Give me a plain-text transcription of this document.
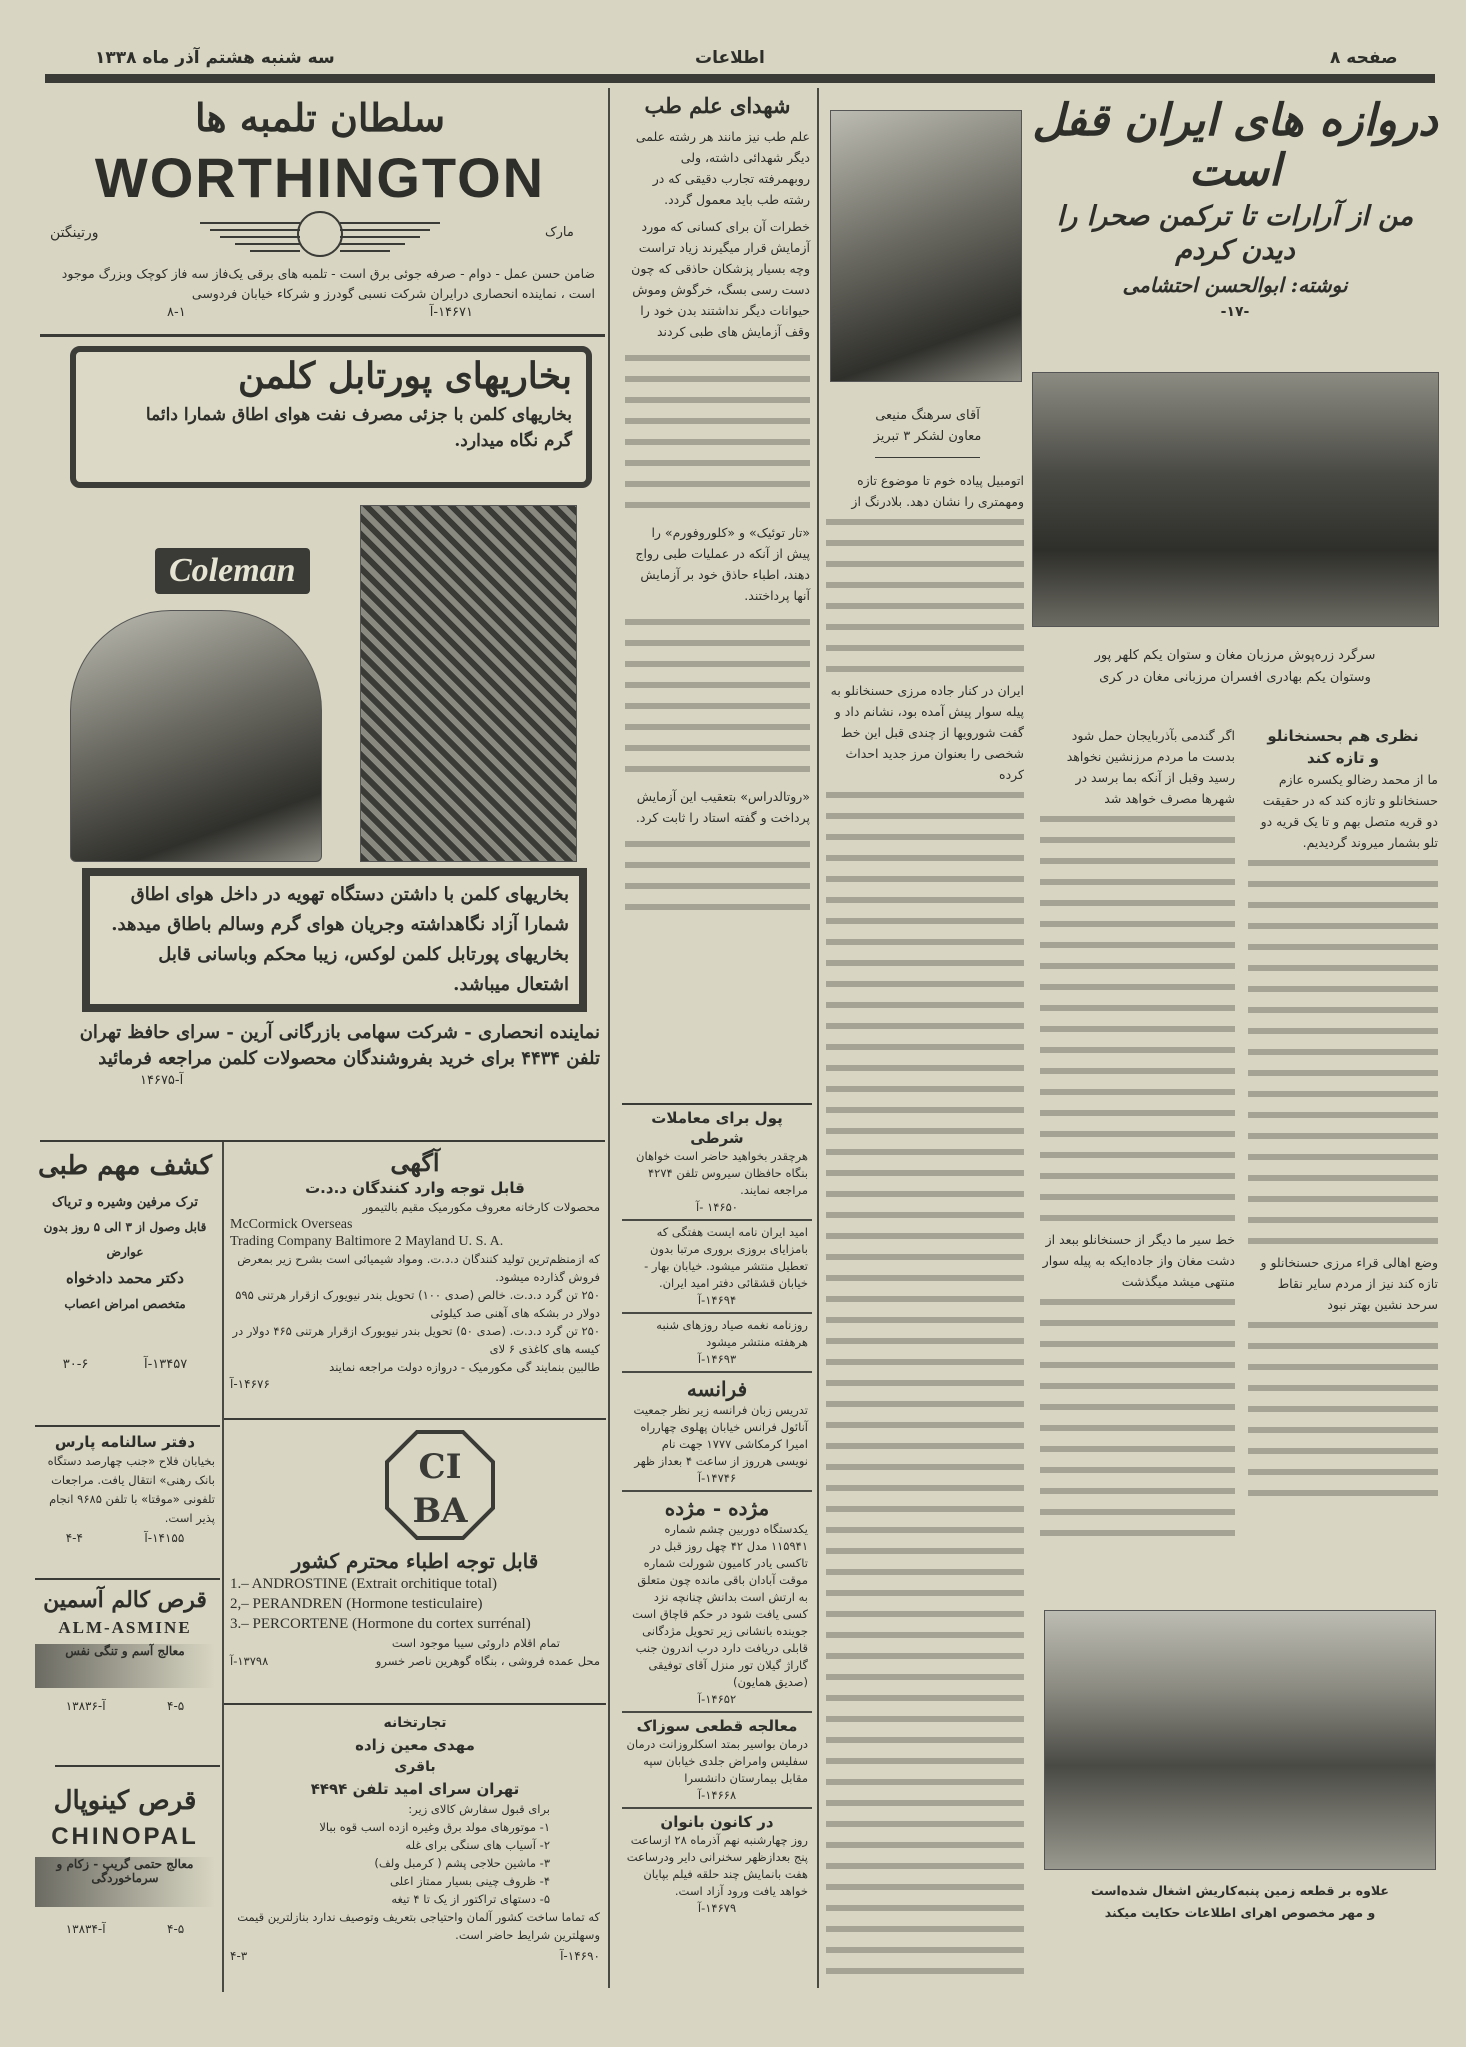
صفحه ۸
اطلاعات
سه شنبه هشتم آذر ماه ۱۳۳۸
سلطان تلمبه ها
WORTHINGTON
ورتینگتن	مارک
ضامن حسن عمل - دوام - صرفه جوئی برق است - تلمبه های برقی یک‌فاز سه فاز کوچک وبزرگ موجود است ، نماینده انحصاری درایران شرکت نسبی گودرز و شرکاء خیابان فردوسی
۱۴۶۷۱-آ
۸-۱
بخاریهای پورتابل کلمن
بخاریهای کلمن با جزئی مصرف نفت هوای اطاق شمارا دائما گرم نگاه میدارد.
Coleman
بخاریهای کلمن با داشتن دستگاه تهویه در داخل هوای اطاق شمارا آزاد نگاهداشته وجریان هوای گرم وسالم باطاق میدهد. بخاریهای پورتابل کلمن لوکس، زیبا محکم وباسانی قابل اشتعال میباشد.
نماینده انحصاری - شرکت سهامی بازرگانی آرین - سرای حافظ تهران
تلفن ۴۴۳۴ برای خرید بفروشندگان محصولات کلمن مراجعه فرمائید
۱۴۶۷۵-آ
کشف مهم طبی
ترک مرفین وشیره و تریاک
قابل وصول از ۳ الی ۵ روز بدون عوارض
دکتر محمد دادخواه
متخصص امراض اعصاب
۱۳۴۵۷-آ
۳۰-۶
دفتر سالنامه پارس
بخیابان فلاح «جنب چهارصد دستگاه بانک رهنی» انتقال یافت. مراجعات تلفونی «موقتا» با تلفن ۹۶۸۵ انجام پذیر است.
۱۴۱۵۵-آ
۴-۴
قرص کالم آسمین
ALM-ASMINE
معالج آسم و تنگی نفس
۱۳۸۳۶-آ	۴-۵
قرص کینوپال
CHINOPAL
معالج حتمی گریپ - زکام و سرماخوردگی
۱۳۸۳۴-آ	۴-۵
آگهی
قابل توجه وارد کنندگان د.د.ت
محصولات کارخانه معروف مکورمیک مقیم بالتیمور
McCormick Overseas
Trading Company Baltimore 2 Mayland U. S. A.
که ازمنظم‌ترین تولید کنندگان د.د.ت. ومواد شیمیائی است بشرح زیر بمعرض فروش گذارده میشود.
۲۵۰ تن گرد د.د.ت. خالص (صدی ۱۰۰) تحویل بندر نیویورک ازقرار هرتنی ۵۹۵ دولار در بشکه های آهنی صد کیلوئی
۲۵۰ تن گرد د.د.ت. (صدی ۵۰) تحویل بندر نیویورک ازقرار هرتنی ۴۶۵ دولار در کیسه های کاغذی ۶ لای
طالبین بنمایند گی مکورمیک - دروازه دولت مراجعه نمایند
۱۴۶۷۶-آ
CI
BA
قابل توجه اطباء محترم کشور
1.– ANDROSTINE (Extrait orchitique total)
2,– PERANDREN (Hormone testiculaire)
3.– PERCORTENE (Hormone du cortex surrénal)
تمام اقلام داروئی سیبا موجود است
محل عمده فروشی ، بنگاه گوهرین ناصر خسرو
۱۳۷۹۸-آ
تجارتخانه
مهدی معین زاده
باقری
تهران سرای امید تلفن ۴۴۹۴
برای قبول سفارش کالای زیر:
۱- موتورهای مولد برق وغیره ازده اسب قوه ببالا
۲- آسیاب های سنگی برای غله
۳- ماشین حلاجی پشم ( کرمبل ولف)
۴- ظروف چینی بسیار ممتاز اعلی
۵- دستهای تراکتور از یک تا ۴ تیغه
که تماما ساخت کشور آلمان واحتیاجی بتعریف وتوصیف ندارد بنازلترین قیمت وسهلترین شرایط حاضر است.
۱۴۶۹۰-آ
۴-۳
شهدای علم طب

علم طب نیز مانند هر رشته علمی دیگر شهدائی داشته، ولی روبهمرفته تجارب دقیقی که در رشته طب باید معمول گردد.

خطرات آن برای کسانی که مورد آزمایش قرار میگیرند زیاد تراست وچه بسیار پزشکان حاذقی که چون دست رسی بسگ، خرگوش وموش حیوانات دیگر نداشتند بدن خود را وقف آزمایش های طبی کردند

«تار توئیک» و «کلوروفورم» را پیش از آنکه در عملیات طبی رواج دهند، اطباء حاذق خود بر آزمایش آنها پرداختند.

«روتالدراس» بتعقیب این آزمایش پرداخت و گفته استاد را ثابت کرد.

پول برای معاملات شرطی
هرچقدر بخواهید حاضر است خواهان بنگاه حافظان سیروس تلفن ۴۲۷۴ مراجعه نمایند.
۱۴۶۵۰ -آ
امید ایران نامه ایست هفتگی که بامزایای بروزی بروری مرتبا بدون تعطیل منتشر میشود. خیابان بهار - خیابان قشقائی دفتر امید ایران.
۱۴۶۹۴-آ
روزنامه نغمه صیاد روزهای شنبه هرهفته منتشر میشود
۱۴۶۹۳-آ
فرانسه
تدریس زبان فرانسه زیر نظر جمعیت آنائول فرانس خیابان پهلوی چهارراه امیرا کرمکاشی ۱۷۷۷ جهت نام نویسی هرروز از ساعت ۴ بعداز ظهر
۱۴۷۴۶-آ
مژده - مژده
یکدستگاه دوربین چشم شماره ۱۱۵۹۴۱ مدل ۴۲ چهل روز قبل در تاکسی یادر کامیون شورلت شماره موقت آبادان باقی مانده چون متعلق به ارتش است بدانش چنانچه نزد کسی یافت شود در حکم قاچاق است جوینده بانشانی زیر تحویل مژدگانی قابلی دریافت دارد درب اندرون جنب گاراژ گیلان تور منزل آقای توفیقی (صدیق همایون)
۱۴۶۵۲-آ
معالجه قطعی سوزاک
درمان بواسیر بمتد اسکلروزانت درمان سفلیس وامراض جلدی خیابان سپه مقابل بیمارستان دانشسرا
۱۴۶۶۸-آ
در کانون بانوان
روز چهارشنبه نهم آذرماه ۲۸ ازساعت پنج بعدازظهر سخنرانی دایر ودرساعت هفت بانمایش چند حلقه فیلم بپایان خواهد یافت ورود آزاد است.
۱۴۶۷۹-آ
آقای سرهنگ منیعی
معاون لشکر ۳ تبریز
دروازه های ایران قفل است
من از آرارات تا ترکمن صحرا را دیدن کردم
نوشته: ابوالحسن احتشامی
-۱۷-
سرگرد زره‌پوش مرزبان مغان و ستوان یکم کلهر پور
وستوان یکم بهادری افسران مرزبانی مغان در کری

اتومبیل پیاده خوم تا موضوع تازه ومهمتری را نشان دهد. بلادرنگ از

ایران در کنار جاده مرزی حسنخانلو به پیله سوار پیش آمده بود، نشانم داد و گفت شورویها از چندی قبل این خط شخصی را بعنوان مرز جدید احداث کرده

اگر گندمی بآذربایجان حمل شود بدست ما مردم مرزنشین نخواهد رسید وقبل از آنکه بما برسد در شهرها مصرف خواهد شد

خط سیر ما دیگر از حسنخانلو ببعد از دشت مغان واز جاده‌ایکه به پیله سوار منتهی میشد میگذشت

نظری هم بحسنخانلو
و تازه کند

ما از محمد رضالو یکسره عازم حسنخانلو و تازه کند که در حقیقت دو قریه متصل بهم و تا یک قریه دو تلو بشمار میروند گردیدیم.

وضع اهالی قراء مرزی حسنخانلو و تازه کند نیز از مردم سایر نقاط سرحد نشین بهتر نبود

علاوه بر قطعه زمین پنبه‌کاریش اشغال شده‌است
و مهر مخصوص اهرای اطلاعات حکایت میکند
